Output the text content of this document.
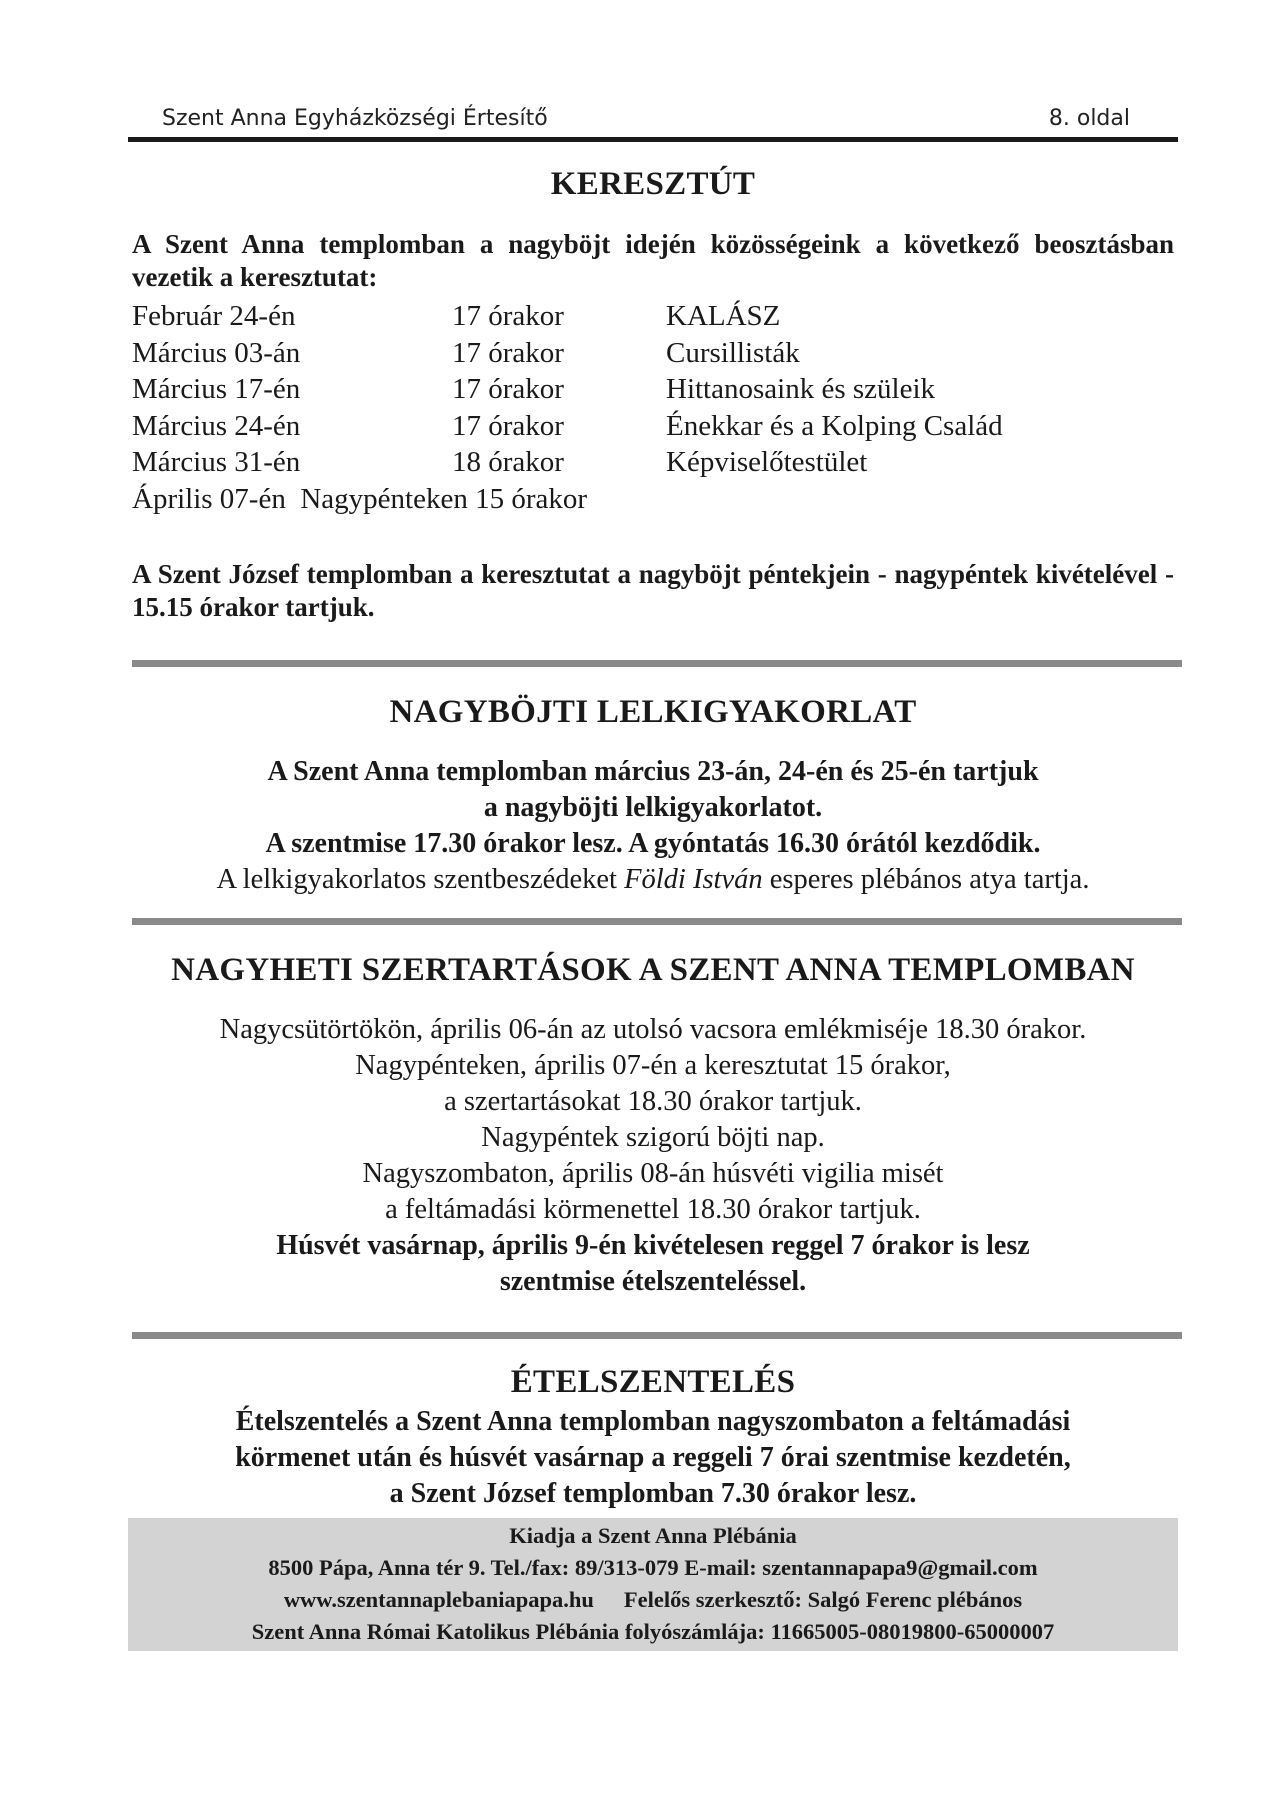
Szent Anna Egyházközségi Értesítő	8. oldal
KERESZTÚT
A Szent Anna templomban a nagyböjt idején közösségeink a következő beosztásban vezetik a keresztutat:
Február 24-én	17 órakor	KALÁSZ
Március 03-án	17 órakor	Cursillisták
Március 17-én	17 órakor	Hittanosaink és szüleik
Március 24-én	17 órakor	Énekkar és a Kolping Család
Március 31-én	18 órakor	Képviselőtestület
Április 07-én  Nagypénteken 15 órakor
A Szent József templomban a keresztutat a nagyböjt péntekjein - nagypéntek kivételével - 15.15 órakor tartjuk.
NAGYBÖJTI LELKIGYAKORLAT
A Szent Anna templomban március 23-án, 24-én és 25-én tartjuk
a nagyböjti lelkigyakorlatot.
A szentmise 17.30 órakor lesz. A gyóntatás 16.30 órától kezdődik.
A lelkigyakorlatos szentbeszédeket Földi István esperes plébános atya tartja.
NAGYHETI SZERTARTÁSOK A SZENT ANNA TEMPLOMBAN
Nagycsütörtökön, április 06-án az utolsó vacsora emlékmiséje 18.30 órakor.
Nagypénteken, április 07-én a keresztutat 15 órakor,
a szertartásokat 18.30 órakor tartjuk.
Nagypéntek szigorú böjti nap.
Nagyszombaton, április 08-án húsvéti vigilia misét
a feltámadási körmenettel 18.30 órakor tartjuk.
Húsvét vasárnap, április 9-én kivételesen reggel 7 órakor is lesz
szentmise ételszenteléssel.
ÉTELSZENTELÉS
Ételszentelés a Szent Anna templomban nagyszombaton a feltámadási
körmenet után és húsvét vasárnap a reggeli 7 órai szentmise kezdetén,
a Szent József templomban 7.30 órakor lesz.
Kiadja a Szent Anna Plébánia
8500 Pápa, Anna tér 9. Tel./fax: 89/313-079 E-mail: szentannapapa9@gmail.com
www.szentannaplebaniapapa.hu Felelős szerkesztő: Salgó Ferenc plébános
Szent Anna Római Katolikus Plébánia folyószámlája: 11665005-08019800-65000007
